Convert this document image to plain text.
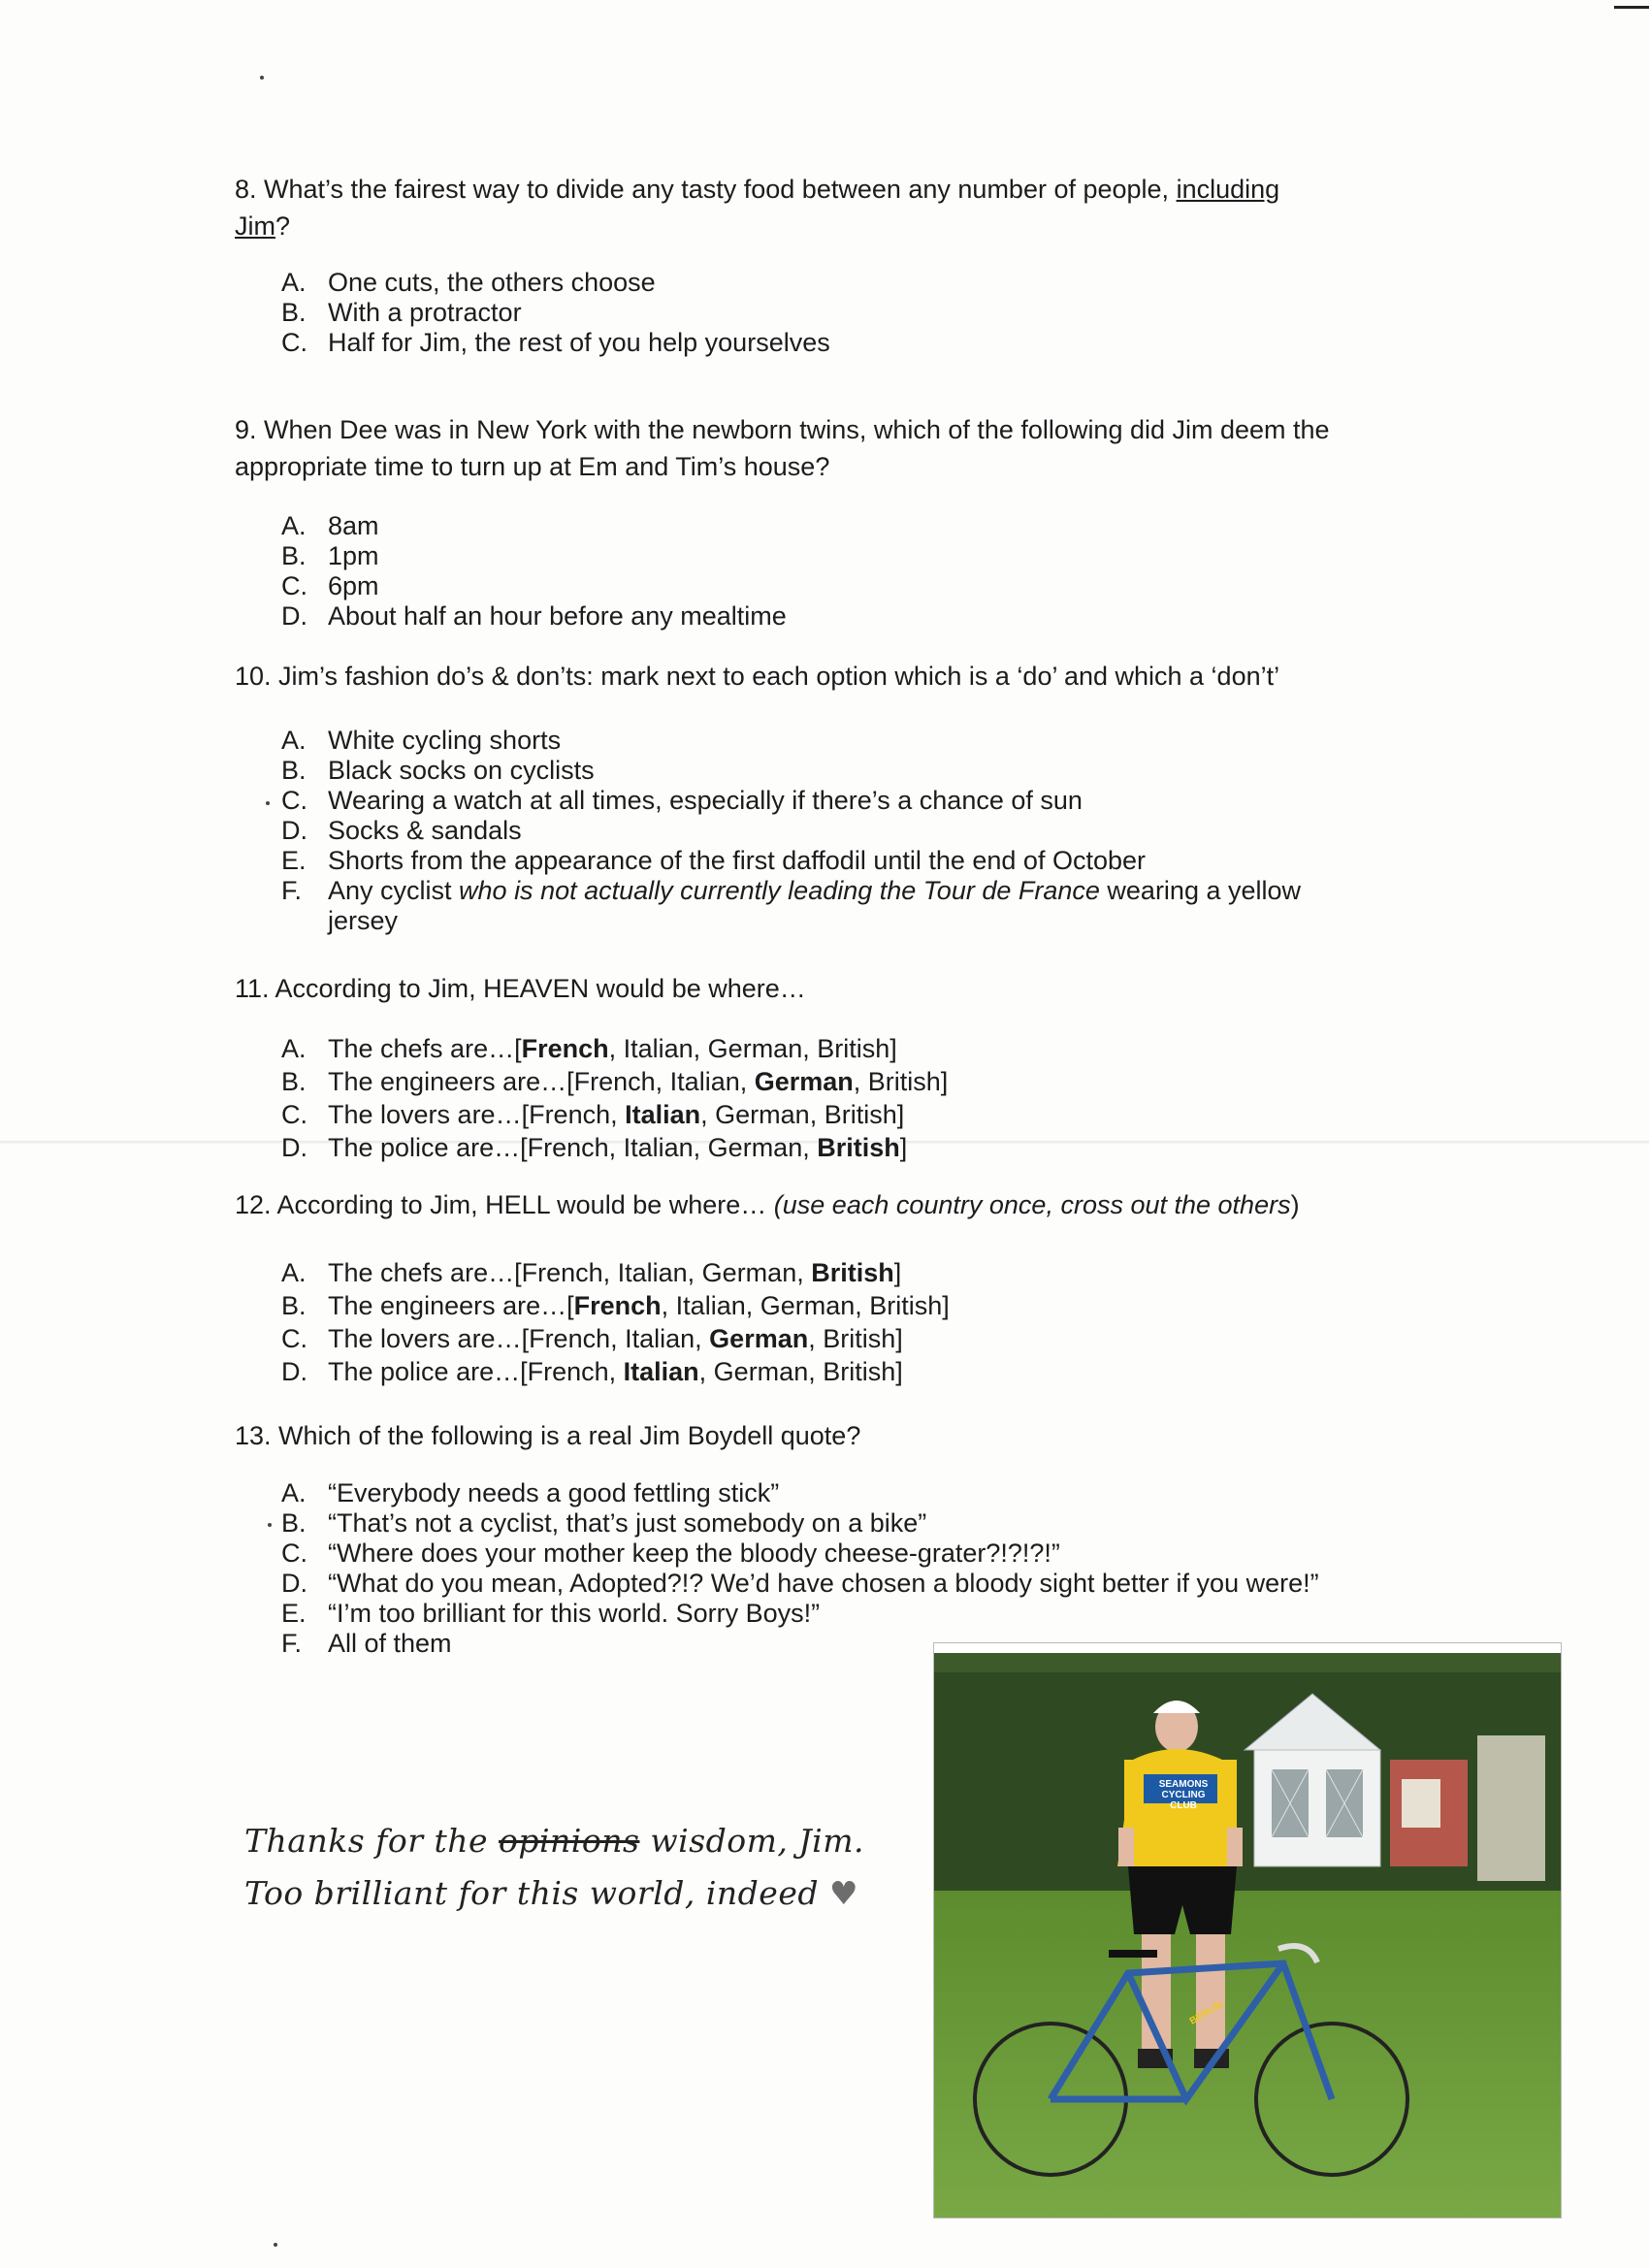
8. What’s the fairest way to divide any tasty food between any number of people, including
Jim?
A. One cuts, the others choose
B. With a protractor
C. Half for Jim, the rest of you help yourselves
9. When Dee was in New York with the newborn twins, which of the following did Jim deem the appropriate time to turn up at Em and Tim’s house?
A. 8am
B. 1pm
C. 6pm
D. About half an hour before any mealtime
10. Jim’s fashion do’s & don’ts: mark next to each option which is a ‘do’ and which a ‘don’t’
A. White cycling shorts
B. Black socks on cyclists
C. Wearing a watch at all times, especially if there’s a chance of sun
D. Socks & sandals
E. Shorts from the appearance of the first daffodil until the end of October
F. Any cyclist who is not actually currently leading the Tour de France wearing a yellow jersey
11. According to Jim, HEAVEN would be where…
A. The chefs are…[French, Italian, German, British]
B. The engineers are…[French, Italian, German, British]
C. The lovers are…[French, Italian, German, British]
D. The police are…[French, Italian, German, British]
12. According to Jim, HELL would be where… (use each country once, cross out the others)
A. The chefs are…[French, Italian, German, British]
B. The engineers are…[French, Italian, German, British]
C. The lovers are…[French, Italian, German, British]
D. The police are…[French, Italian, German, British]
13. Which of the following is a real Jim Boydell quote?
A. “Everybody needs a good fettling stick”
B. “That’s not a cyclist, that’s just somebody on a bike”
C. “Where does your mother keep the bloody cheese-grater?!?!?!”
D. “What do you mean, Adopted?!? We’d have chosen a bloody sight better if you were!”
E. “I’m too brilliant for this world. Sorry Boys!”
F. All of them
Thanks for the opinions wisdom, Jim.
Too brilliant for this world, indeed ♥
SEAMONS
CYCLING CLUB
BERLIN
